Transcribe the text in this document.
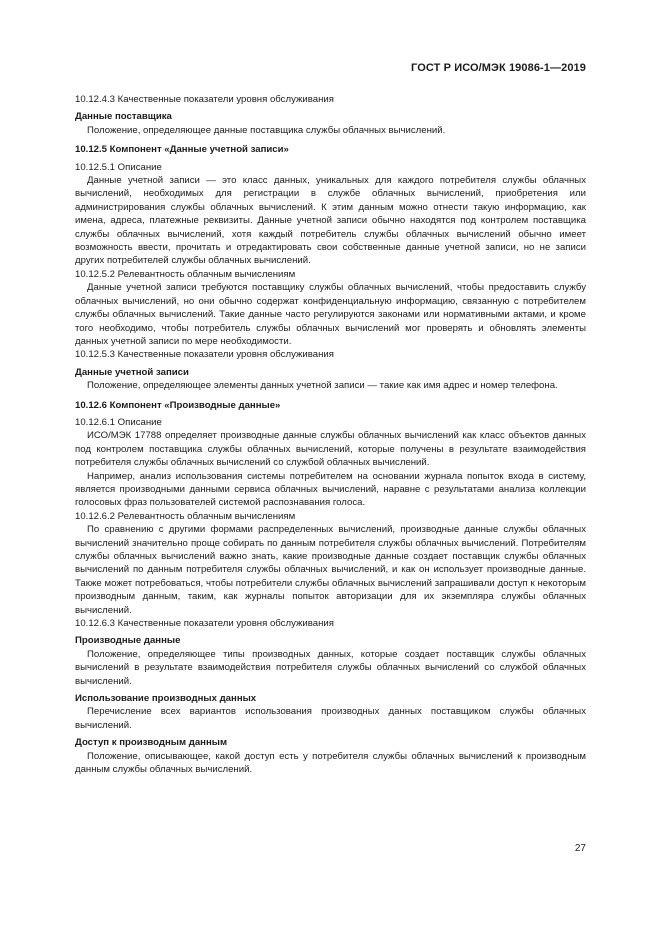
ГОСТ Р ИСО/МЭК 19086-1—2019

10.12.4.3 Качественные показатели уровня обслуживания

Данные поставщика

Положение, определяющее данные поставщика службы облачных вычислений.

10.12.5 Компонент «Данные учетной записи»

10.12.5.1 Описание

Данные учетной записи — это класс данных, уникальных для каждого потребителя службы облачных вычислений, необходимых для регистрации в службе облачных вычислений, приобретения или администрирования службы облачных вычислений. К этим данным можно отнести такую информацию, как имена, адреса, платежные реквизиты. Данные учетной записи обычно находятся под контролем поставщика службы облачных вычислений, хотя каждый потребитель службы облачных вычислений обычно имеет возможность ввести, прочитать и отредактировать свои собственные данные учетной записи, но не записи других потребителей службы облачных вычислений.

10.12.5.2 Релевантность облачным вычислениям

Данные учетной записи требуются поставщику службы облачных вычислений, чтобы предоставить службу облачных вычислений, но они обычно содержат конфиденциальную информацию, связанную с потребителем службы облачных вычислений. Такие данные часто регулируются законами или нормативными актами, и кроме того необходимо, чтобы потребитель службы облачных вычислений мог проверять и обновлять элементы данных учетной записи по мере необходимости.

10.12.5.3 Качественные показатели уровня обслуживания

Данные учетной записи

Положение, определяющее элементы данных учетной записи — такие как имя адрес и номер телефона.

10.12.6 Компонент «Производные данные»

10.12.6.1 Описание

ИСО/МЭК 17788 определяет производные данные службы облачных вычислений как класс объектов данных под контролем поставщика службы облачных вычислений, которые получены в результате взаимодействия потребителя службы облачных вычислений со службой облачных вычислений.

Например, анализ использования системы потребителем на основании журнала попыток входа в систему, является производными данными сервиса облачных вычислений, наравне с результатами анализа коллекции голосовых фраз пользователей системой распознавания голоса.

10.12.6.2 Релевантность облачным вычислениям

По сравнению с другими формами распределенных вычислений, производные данные службы облачных вычислений значительно проще собирать по данным потребителя службы облачных вычислений. Потребителям службы облачных вычислений важно знать, какие производные данные создает поставщик службы облачных вычислений по данным потребителя службы облачных вычислений, и как он использует производные данные. Также может потребоваться, чтобы потребители службы облачных вычислений запрашивали доступ к некоторым производным данным, таким, как журналы попыток авторизации для их экземпляра службы облачных вычислений.

10.12.6.3 Качественные показатели уровня обслуживания

Производные данные

Положение, определяющее типы производных данных, которые создает поставщик службы облачных вычислений в результате взаимодействия потребителя службы облачных вычислений со службой облачных вычислений.

Использование производных данных

Перечисление всех вариантов использования производных данных поставщиком службы облачных вычислений.

Доступ к производным данным

Положение, описывающее, какой доступ есть у потребителя службы облачных вычислений к производным данным службы облачных вычислений.

27
